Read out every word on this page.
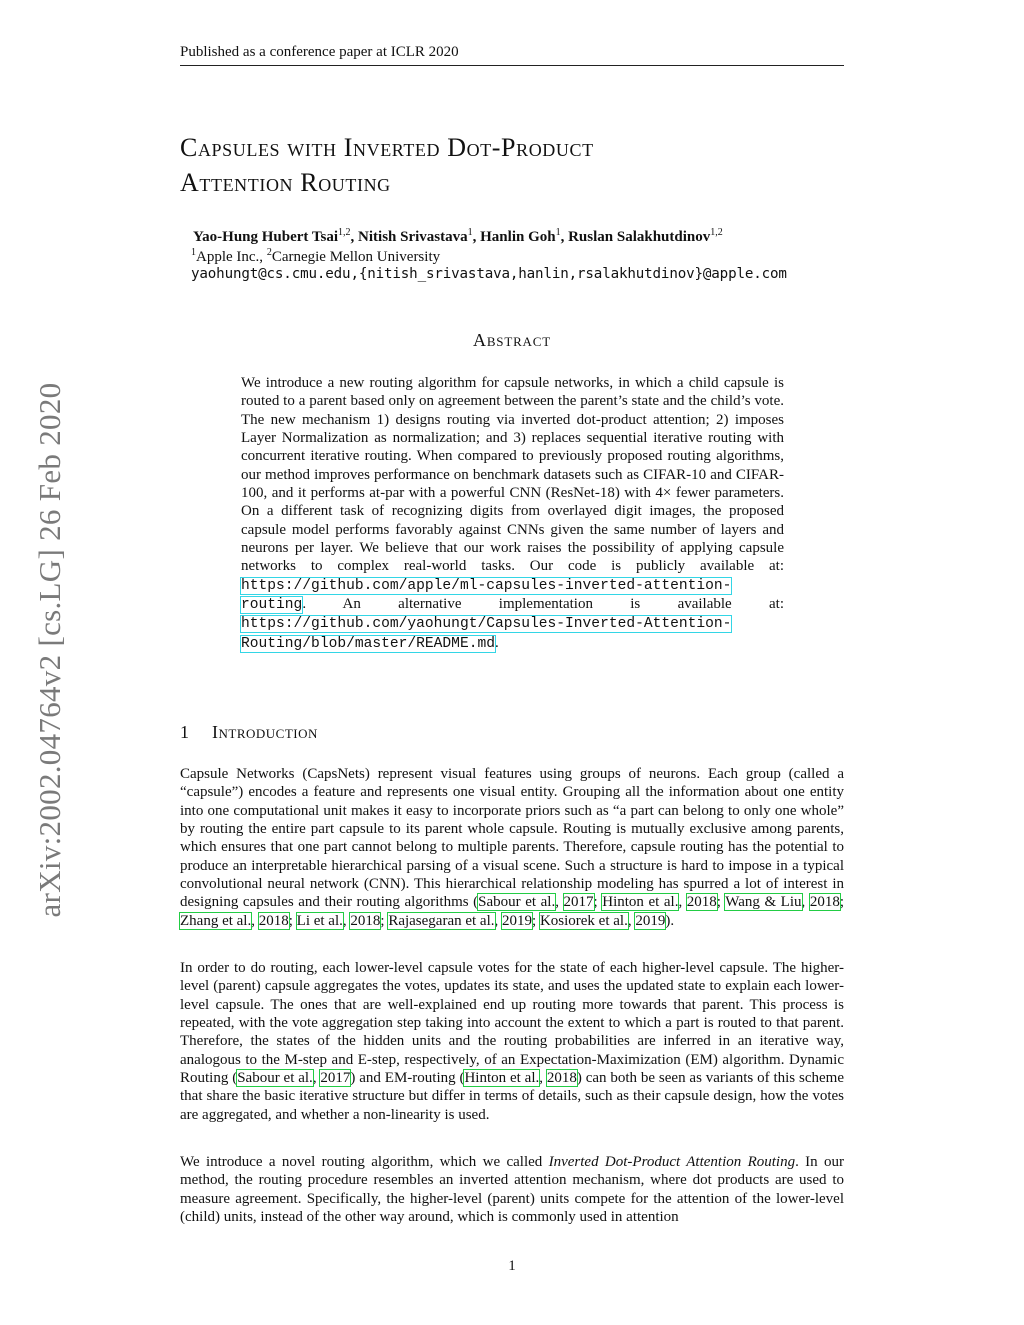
Published as a conference paper at ICLR 2020
arXiv:2002.04764v2 [cs.LG] 26 Feb 2020
Capsules with Inverted Dot-Product
Attention Routing
Yao-Hung Hubert Tsai$^{1,2}$, Nitish Srivastava$^1$, Hanlin Goh$^1$, Ruslan Salakhutdinov$^{1,2}$
$^1$Apple Inc., $^2$Carnegie Mellon University
yaohungt@cs.cmu.edu,{nitish_srivastava,hanlin,rsalakhutdinov}@apple.com
Abstract
We introduce a new routing algorithm for capsule networks, in which a child capsule is routed to a parent based only on agreement between the parent’s state and the child’s vote. The new mechanism 1) designs routing via inverted dot-product attention; 2) imposes Layer Normalization as normalization; and 3) replaces sequential iterative routing with concurrent iterative routing. When compared to previously proposed routing algorithms, our method improves performance on benchmark datasets such as CIFAR-10 and CIFAR-100, and it performs at-par with a powerful CNN (ResNet-18) with 4× fewer parameters. On a different task of recognizing digits from overlayed digit images, the proposed capsule model performs favorably against CNNs given the same number of layers and neurons per layer. We believe that our work raises the possibility of applying capsule networks to complex real-world tasks. Our code is publicly available at: https://github.com/apple/ml-capsules-inverted-attention-routing. An alternative implementation is available at: https://github.com/yaohungt/Capsules-Inverted-Attention-Routing/blob/master/README.md.
1 Introduction
Capsule Networks (CapsNets) represent visual features using groups of neurons. Each group (called a “capsule”) encodes a feature and represents one visual entity. Grouping all the information about one entity into one computational unit makes it easy to incorporate priors such as “a part can belong to only one whole” by routing the entire part capsule to its parent whole capsule. Routing is mutually exclusive among parents, which ensures that one part cannot belong to multiple parents. Therefore, capsule routing has the potential to produce an interpretable hierarchical parsing of a visual scene. Such a structure is hard to impose in a typical convolutional neural network (CNN). This hierarchical relationship modeling has spurred a lot of interest in designing capsules and their routing algorithms (Sabour et al., 2017; Hinton et al., 2018; Wang & Liu, 2018; Zhang et al., 2018; Li et al., 2018; Rajasegaran et al., 2019; Kosiorek et al., 2019).
In order to do routing, each lower-level capsule votes for the state of each higher-level capsule. The higher-level (parent) capsule aggregates the votes, updates its state, and uses the updated state to explain each lower-level capsule. The ones that are well-explained end up routing more towards that parent. This process is repeated, with the vote aggregation step taking into account the extent to which a part is routed to that parent. Therefore, the states of the hidden units and the routing probabilities are inferred in an iterative way, analogous to the M-step and E-step, respectively, of an Expectation-Maximization (EM) algorithm. Dynamic Routing (Sabour et al., 2017) and EM-routing (Hinton et al., 2018) can both be seen as variants of this scheme that share the basic iterative structure but differ in terms of details, such as their capsule design, how the votes are aggregated, and whether a non-linearity is used.
We introduce a novel routing algorithm, which we called Inverted Dot-Product Attention Routing. In our method, the routing procedure resembles an inverted attention mechanism, where dot products are used to measure agreement. Specifically, the higher-level (parent) units compete for the attention of the lower-level (child) units, instead of the other way around, which is commonly used in attention
1
